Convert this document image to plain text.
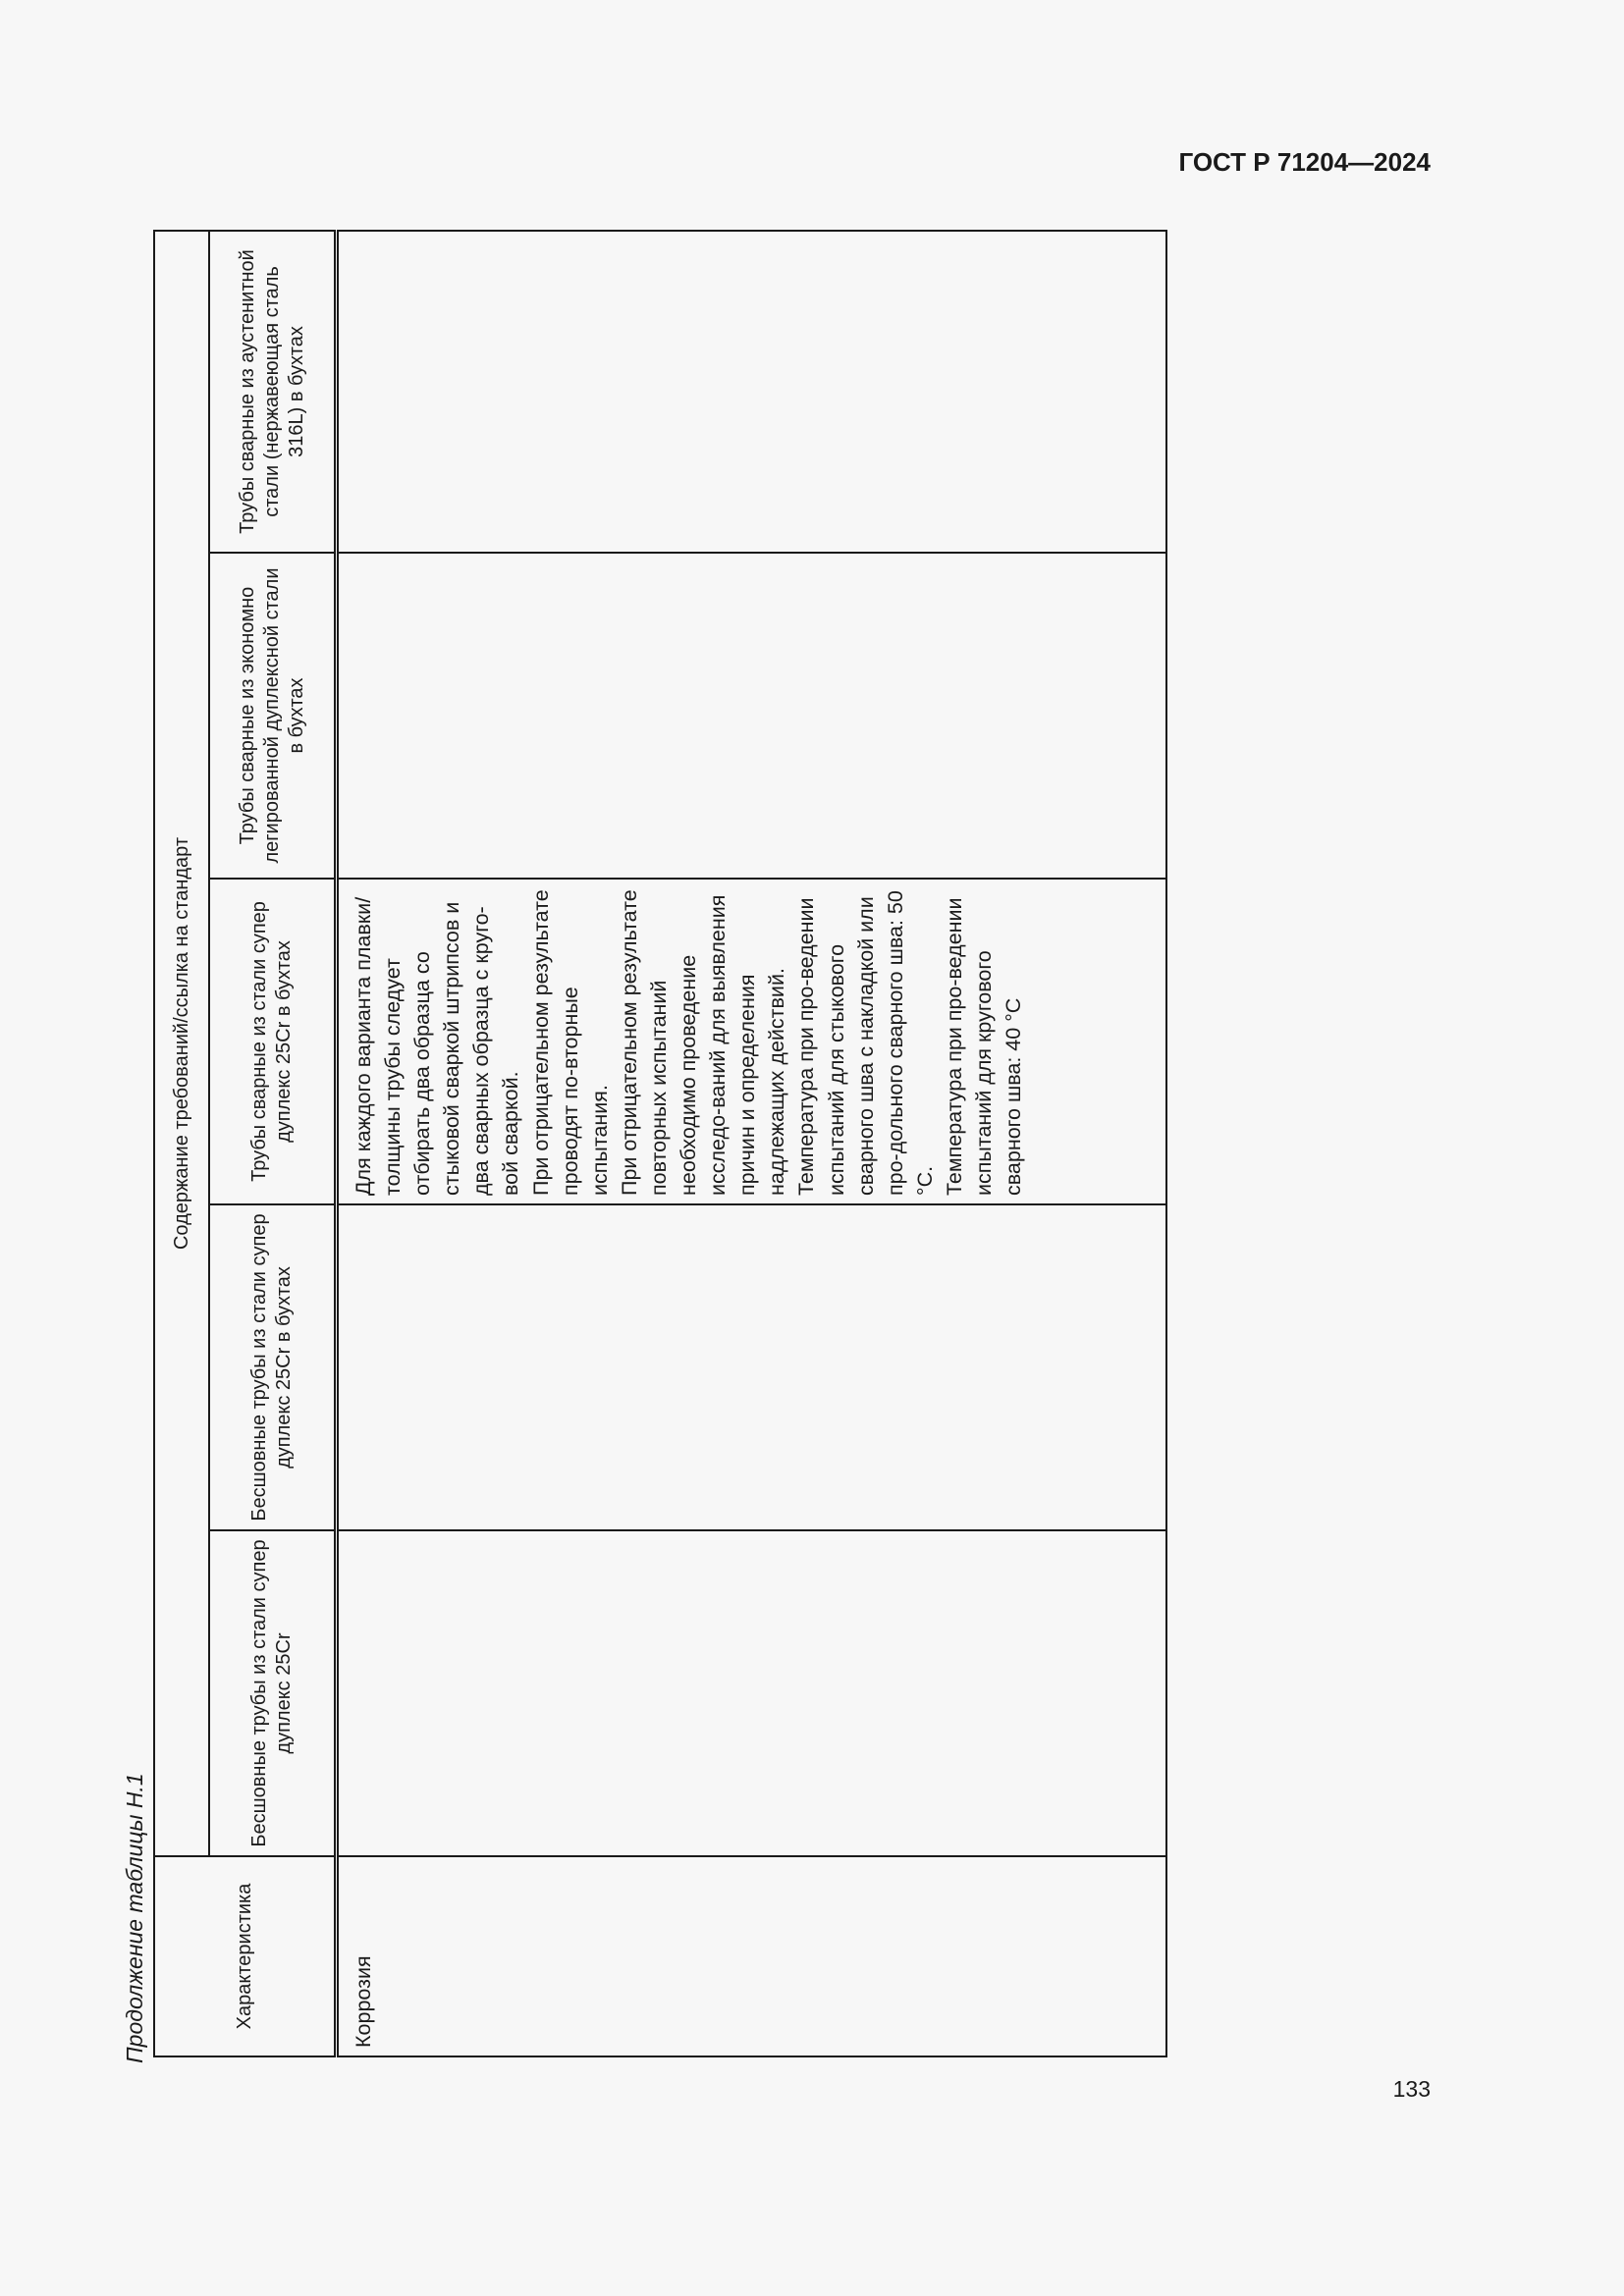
ГОСТ Р 71204—2024
Продолжение таблицы Н.1	Характеристика	Содержание требований/ссылка на стандарт				
	Бесшовные трубы из стали супер дуплекс 25Cr	Бесшовные трубы из стали супер дуплекс 25Cr в бухтах	Трубы сварные из стали супер дуплекс 25Cr в бухтах	Трубы сварные из экономно легированной дуплексной стали в бухтах	Трубы сварные из аустенитной стали (нержавеющая сталь 316L) в бухтах
Коррозия			Для каждого варианта плавки/толщины трубы следует отбирать два образца со стыковой сваркой штрипсов и два сварных образца с круго-вой сваркой.
При отрицательном результате проводят по-вторные испытания.
При отрицательном результате повторных испытаний необходимо проведение исследо-ваний для выявления причин и определения надлежащих действий.
Температура при про-ведении испытаний для стыкового сварного шва с накладкой или про-дольного сварного шва: 50 °C.
Температура при про-ведении испытаний для кругового сварного шва: 40 °C		
133
